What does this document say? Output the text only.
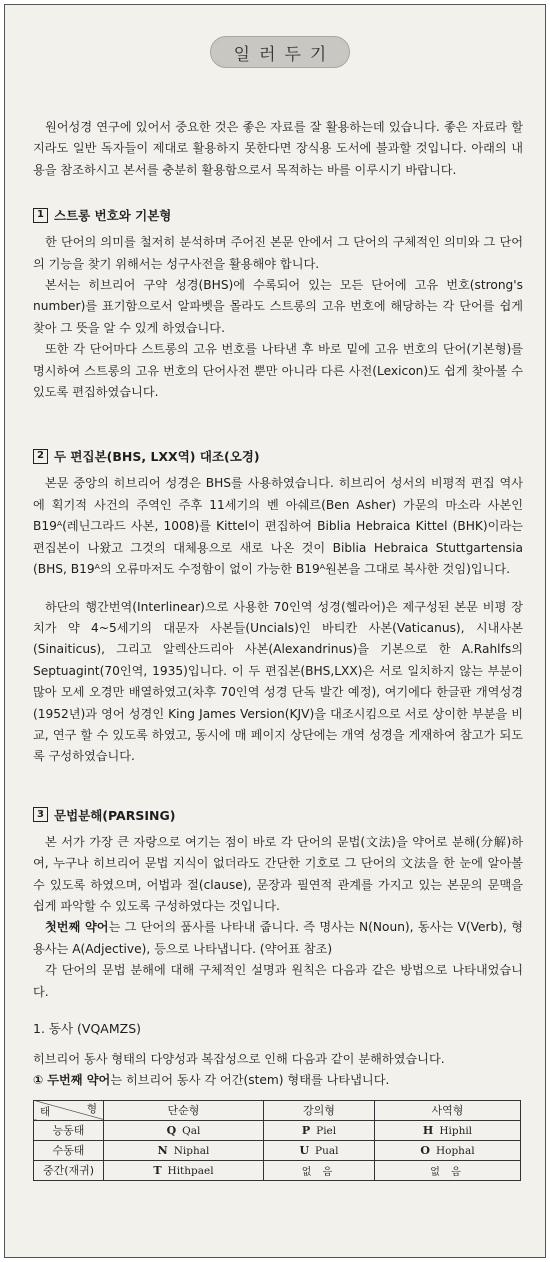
일러두기

원어성경 연구에 있어서 중요한 것은 좋은 자료를 잘 활용하는데 있습니다. 좋은 자료라 할지라도 일반 독자들이 제대로 활용하지 못한다면 장식용 도서에 불과할 것입니다. 아래의 내용을 참조하시고 본서를 충분히 활용함으로서 목적하는 바를 이루시기 바랍니다.

1 스트롱 번호와 기본형

한 단어의 의미를 철저히 분석하며 주어진 본문 안에서 그 단어의 구체적인 의미와 그 단어의 기능을 찾기 위해서는 성구사전을 활용해야 합니다.

본서는 히브리어 구약 성경(BHS)에 수록되어 있는 모든 단어에 고유 번호(strong's number)를 표기함으로서 알파벳을 몰라도 스트롱의 고유 번호에 해당하는 각 단어를 쉽게 찾아 그 뜻을 알 수 있게 하였습니다.

또한 각 단어마다 스트롱의 고유 번호를 나타낸 후 바로 밑에 고유 번호의 단어(기본형)를 명시하여 스트롱의 고유 번호의 단어사전 뿐만 아니라 다른 사전(Lexicon)도 쉽게 찾아볼 수 있도록 편집하였습니다.

2 두 편집본(BHS, LXX역) 대조(오경)

본문 중앙의 히브리어 성경은 BHS를 사용하였습니다. 히브리어 성서의 비평적 편집 역사에 획기적 사건의 주역인 주후 11세기의 벤 아쉐르(Ben Asher) 가문의 마소라 사본인 B19ᴬ(레닌그라드 사본, 1008)를 Kittel이 편집하여 Biblia Hebraica Kittel (BHK)이라는 편집본이 나왔고 그것의 대체용으로 새로 나온 것이 Biblia Hebraica Stuttgartensia (BHS, B19ᴬ의 오류마저도 수정함이 없이 가능한 B19ᴬ원본을 그대로 복사한 것임)입니다.

하단의 행간번역(Interlinear)으로 사용한 70인역 성경(헬라어)은 제구성된 본문 비평 장치가 약 4~5세기의 대문자 사본들(Uncials)인 바티칸 사본(Vaticanus), 시내사본(Sinaiticus), 그리고 알렉산드리아 사본(Alexandrinus)을 기본으로 한 A.Rahlfs의 Septuagint(70인역, 1935)입니다. 이 두 편집본(BHS,LXX)은 서로 일치하지 않는 부분이 많아 모세 오경만 배열하였고(차후 70인역 성경 단독 발간 예정), 여기에다 한글판 개역성경(1952년)과 영어 성경인 King James Version(KJV)을 대조시킴으로 서로 상이한 부분을 비교, 연구 할 수 있도록 하였고, 동시에 매 페이지 상단에는 개역 성경을 게재하여 참고가 되도록 구성하였습니다.

3 문법분해(PARSING)

본 서가 가장 큰 자랑으로 여기는 점이 바로 각 단어의 문법(文法)을 약어로 분해(分解)하여, 누구나 히브리어 문법 지식이 없더라도 간단한 기호로 그 단어의 文法을 한 눈에 알아볼 수 있도록 하였으며, 어법과 절(clause), 문장과 필연적 관계를 가지고 있는 본문의 문맥을 쉽게 파악할 수 있도록 구성하였다는 것입니다.

첫번째 약어는 그 단어의 품사를 나타내 줍니다. 즉 명사는 N(Noun), 동사는 V(Verb), 형용사는 A(Adjective), 등으로 나타냅니다. (약어표 참조)

각 단어의 문법 분해에 대해 구체적인 설명과 원칙은 다음과 같은 방법으로 나타내었습니다.

1. 동사 (VQAMZS)

히브리어 동사 형태의 다양성과 복잡성으로 인해 다음과 같이 분해하였습니다.

① 두번째 약어는 히브리어 동사 각 어간(stem) 형태를 나타냅니다.

태 형	단순형	강의형	사역형
능동태	Q Qal	P Piel	H Hiphil
수동태	N Niphal	U Pual	O Hophal
중간(재귀)	T Hithpael	없 음	없 음
